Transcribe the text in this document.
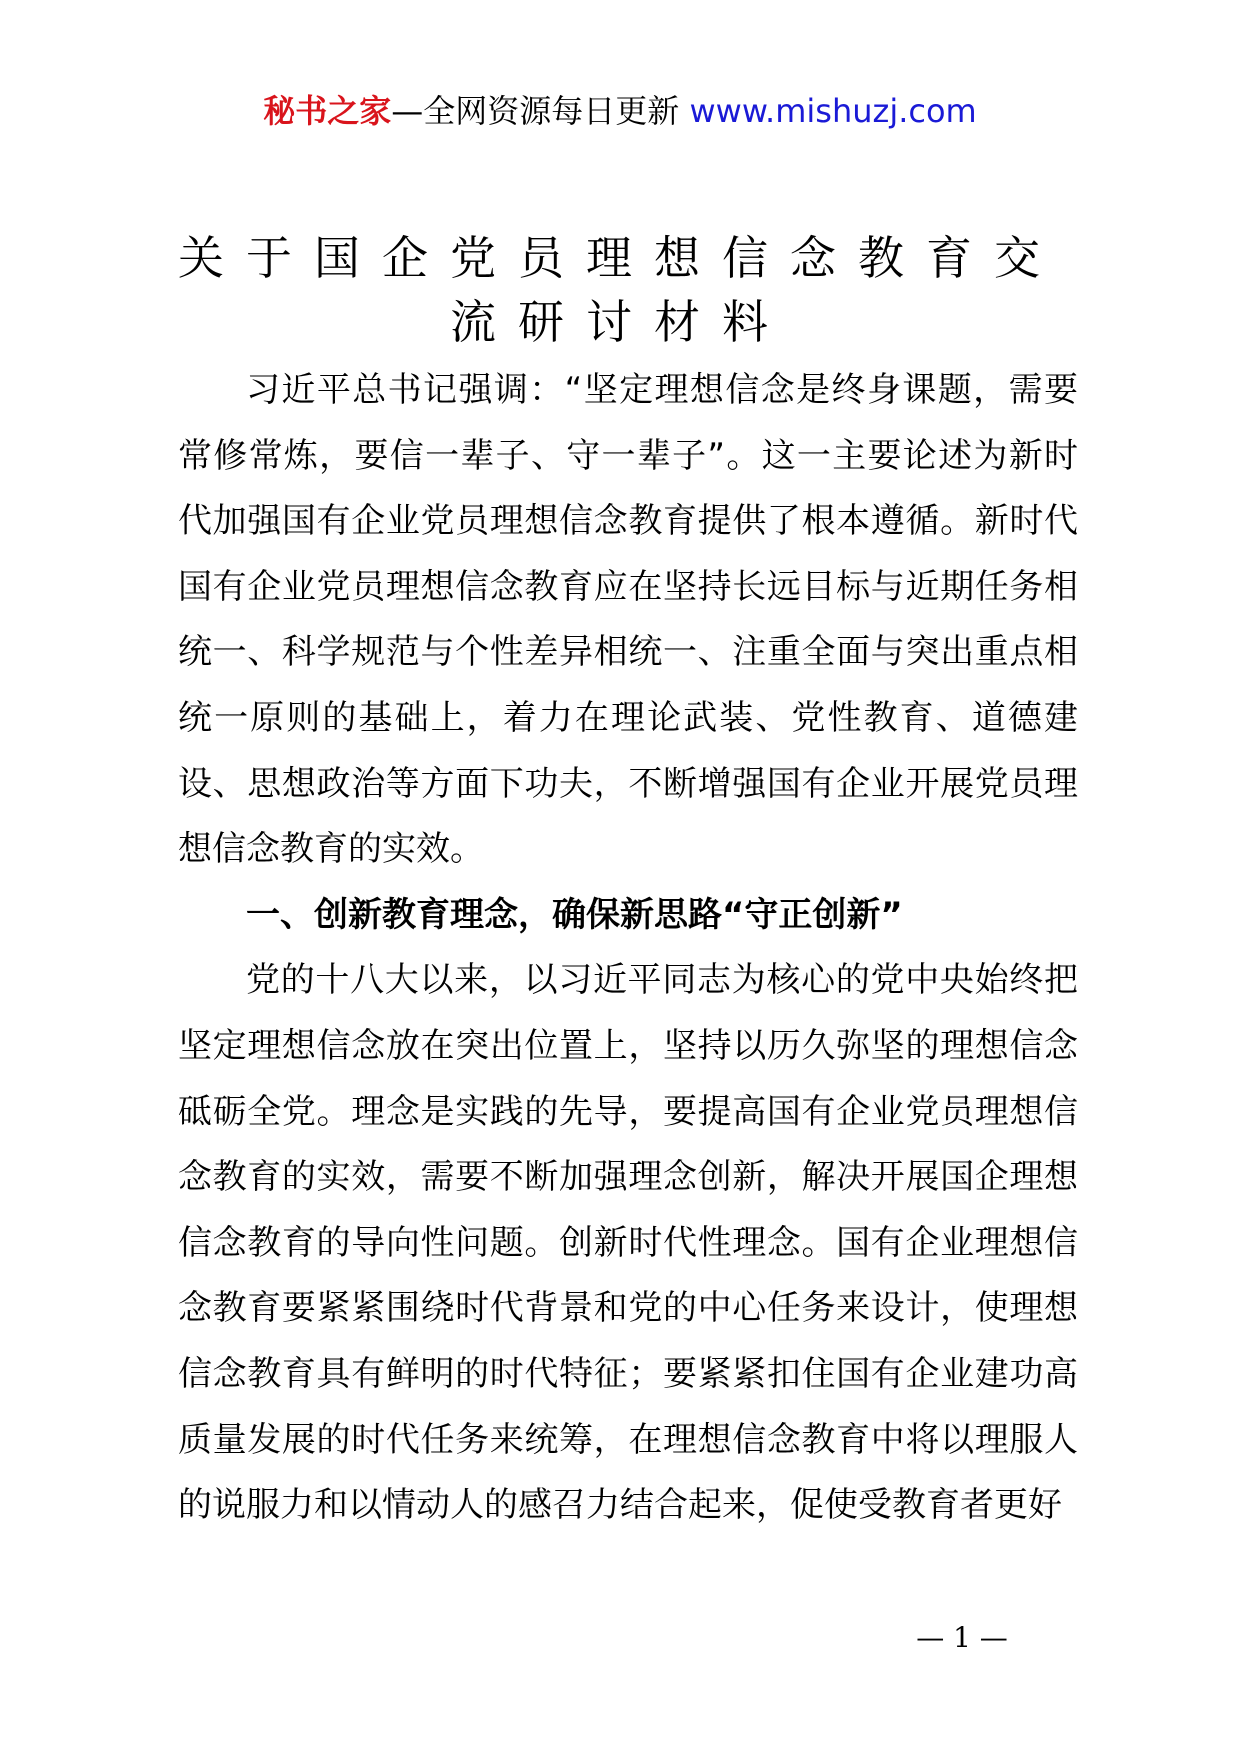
秘书之家—全网资源每日更新 www.mishuzj.com
关于国企党员理想信念教育交
流研讨材料

习近平总书记强调：“坚定理想信念是终身课题，需要常修常炼，要信一辈子、守一辈子”。这一主要论述为新时代加强国有企业党员理想信念教育提供了根本遵循。新时代国有企业党员理想信念教育应在坚持长远目标与近期任务相统一、科学规范与个性差异相统一、注重全面与突出重点相统一原则的基础上，着力在理论武装、党性教育、道德建设、思想政治等方面下功夫，不断增强国有企业开展党员理想信念教育的实效。

一、创新教育理念，确保新思路“守正创新”

党的十八大以来，以习近平同志为核心的党中央始终把坚定理想信念放在突出位置上，坚持以历久弥坚的理想信念砥砺全党。理念是实践的先导，要提高国有企业党员理想信念教育的实效，需要不断加强理念创新，解决开展国企理想信念教育的导向性问题。创新时代性理念。国有企业理想信念教育要紧紧围绕时代背景和党的中心任务来设计，使理想信念教育具有鲜明的时代特征；要紧紧扣住国有企业建功高质量发展的时代任务来统筹，在理想信念教育中将以理服人的说服力和以情动人的感召力结合起来，促使受教育者更好

— 1 —
